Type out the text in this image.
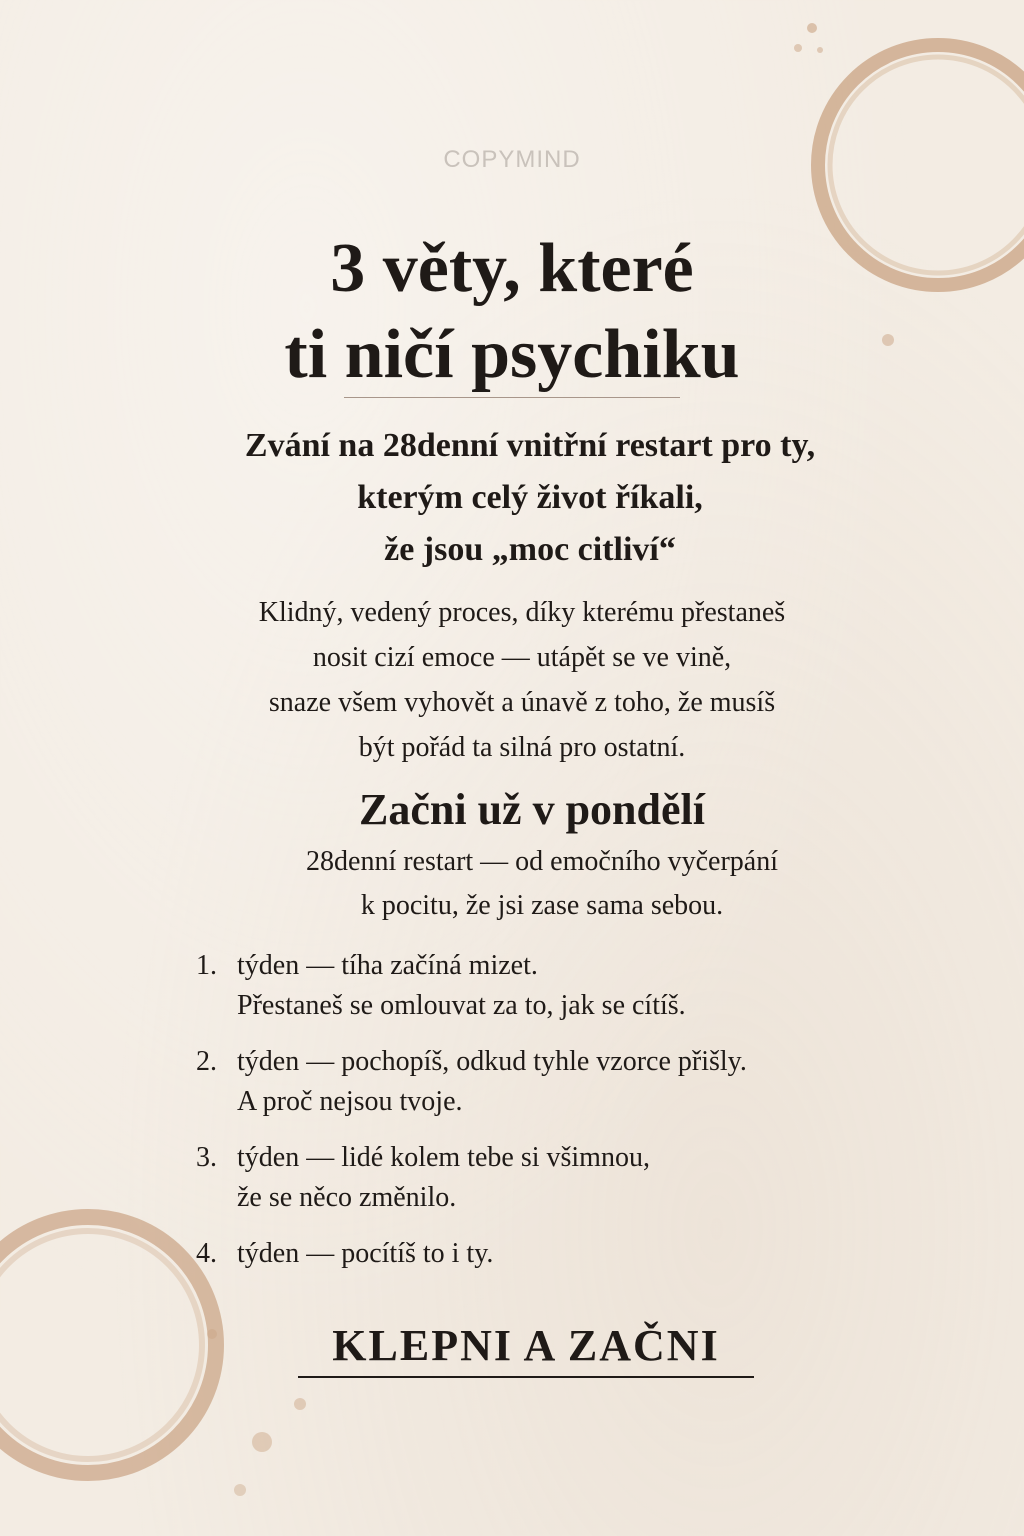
COPYMIND
3 věty, které
ti ničí psychiku
Zvání na 28denní vnitřní restart pro ty,
kterým celý život říkali,
že jsou „moc citliví“
Klidný, vedený proces, díky kterému přestaneš
nosit cizí emoce — utápět se ve vině,
snaze všem vyhovět a únavě z toho, že musíš
být pořád ta silná pro ostatní.
Začni už v pondělí
28denní restart — od emočního vyčerpání
k pocitu, že jsi zase sama sebou.
1. týden — tíha začíná mizet.
Přestaneš se omlouvat za to, jak se cítíš.
2. týden — pochopíš, odkud tyhle vzorce přišly.
A proč nejsou tvoje.
3. týden — lidé kolem tebe si všimnou,
že se něco změnilo.
4. týden — pocítíš to i ty.
KLEPNI A ZAČNI
